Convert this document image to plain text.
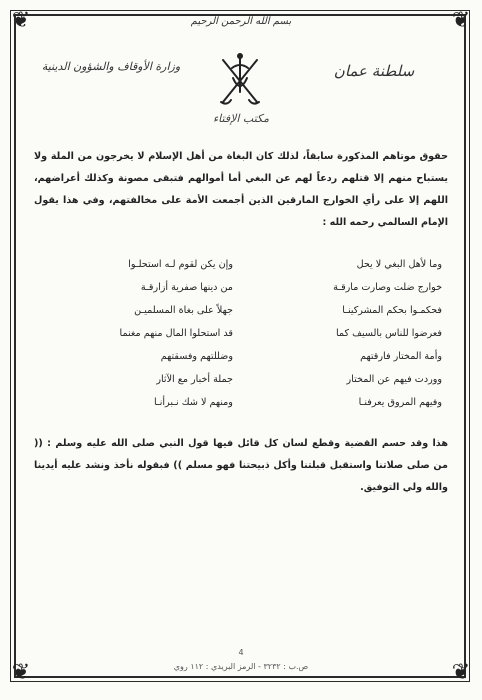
❦	❦
❦	❦
بسم الله الرحمن الرحيم
سلطنة عمان
وزارة الأوقاف والشؤون الدينية
مكتب الإفتاء
حقوق موتاهم المذكورة سابقاً، لذلك كان البغاة من أهل الإسلام لا يخرجون من الملة ولا يستباح منهم إلا قتلهم ردعاً لهم عن البغي أما أموالهم فتبقى مصونة وكذلك أعراضهم، اللهم إلا على رأي الخوارج المارقين الذين أجمعت الأمة على مخالفتهم، وفي هذا يقول الإمام السالمي رحمه الله :
وما لأهل البغي لا يحل
وإن يكن لقوم لـه استحلـوا
خوارج ضلت وصارت مارقـة
من دينها صفرية أزارقـة
فحكمـوا بحكم المشركينـا
جهلاً على بغاة المسلميـن
فعرضوا للناس بالسيف كما
قد استحلوا المال منهم مغنما
وأمة المختار فارقتهم
وضللتهم وفسقتهم
ووردت فيهم عن المختار
جملة أخبار مع الآثار
وفيهم المروق يعرفنـا
ومنهم لا شك نـبرأنـا
هذا وقد حسم القضية وقطع لسان كل قائل فيها قول النبي صلى الله عليه وسلم : (( من صلى صلاتنا واستقبل قبلتنا وأكل ذبيحتنا فهو مسلم )) فبقوله نأخذ ونشد عليه أيدينا والله ولي التوفيق.
4
ص.ب : ٣٢٣٢ - الرمز البريدي : ١١٢ روي
